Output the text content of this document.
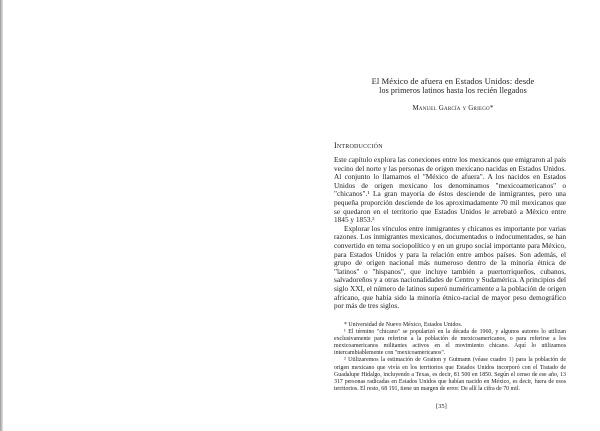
El México de afuera en Estados Unidos: desde

los primeros latinos hasta los recién llegados

Manuel García y Griego*

Introducción

Este capítulo explora las conexiones entre los mexicanos que emigraron al país vecino del norte y las personas de origen mexicano nacidas en Estados Unidos. Al conjunto lo llamamos el "México de afuera". A los nacidos en Estados Unidos de origen mexicano los denominamos "mexicoamericanos" o "chicanos".¹ La gran mayoría de éstos desciende de inmigrantes, pero una pequeña proporción desciende de los aproximadamente 70 mil mexicanos que se quedaron en el territorio que Estados Unidos le arrebató a México entre 1845 y 1853.²

Explorar los vínculos entre inmigrantes y chicanos es importante por varias razones. Los inmigrantes mexicanos, documentados o indocumentados, se han convertido en tema sociopolítico y en un grupo social importante para México, para Estados Unidos y para la relación entre ambos países. Son además, el grupo de origen nacional más numeroso dentro de la minoría étnica de "latinos" o "hispanos", que incluye también a puertorriqueños, cubanos, salvadoreños y a otras nacionalidades de Centro y Sudamérica. A principios del siglo XXI, el número de latinos superó numéricamente a la población de origen africano, que había sido la minoría étnico-racial de mayor peso demográfico por más de tres siglos.

* Universidad de Nuevo México, Estados Unidos.

¹ El término "chicano" se popularizó en la década de 1960, y algunos autores lo utilizan exclusivamente para referirse a la población de mexicoamericanos, o para referirse a los mexicoamericanos militantes activos en el movimiento chicano. Aquí lo utilizamos intercambiablemente con "mexicoamericanos".

² Utilizaremos la estimación de Gratton y Gutmann (véase cuadro 1) para la población de origen mexicano que vivía en los territorios que Estados Unidos incorporó con el Tratado de Guadalupe Hidalgo, incluyendo a Texas, es decir, 81 500 en 1850. Según el censo de ese año, 13 317 personas radicadas en Estados Unidos que habían nacido en México, es decir, fuera de esos territorios. El resto, 68 191, tiene un margen de error. De allí la cifra de 70 mil.

[35]
